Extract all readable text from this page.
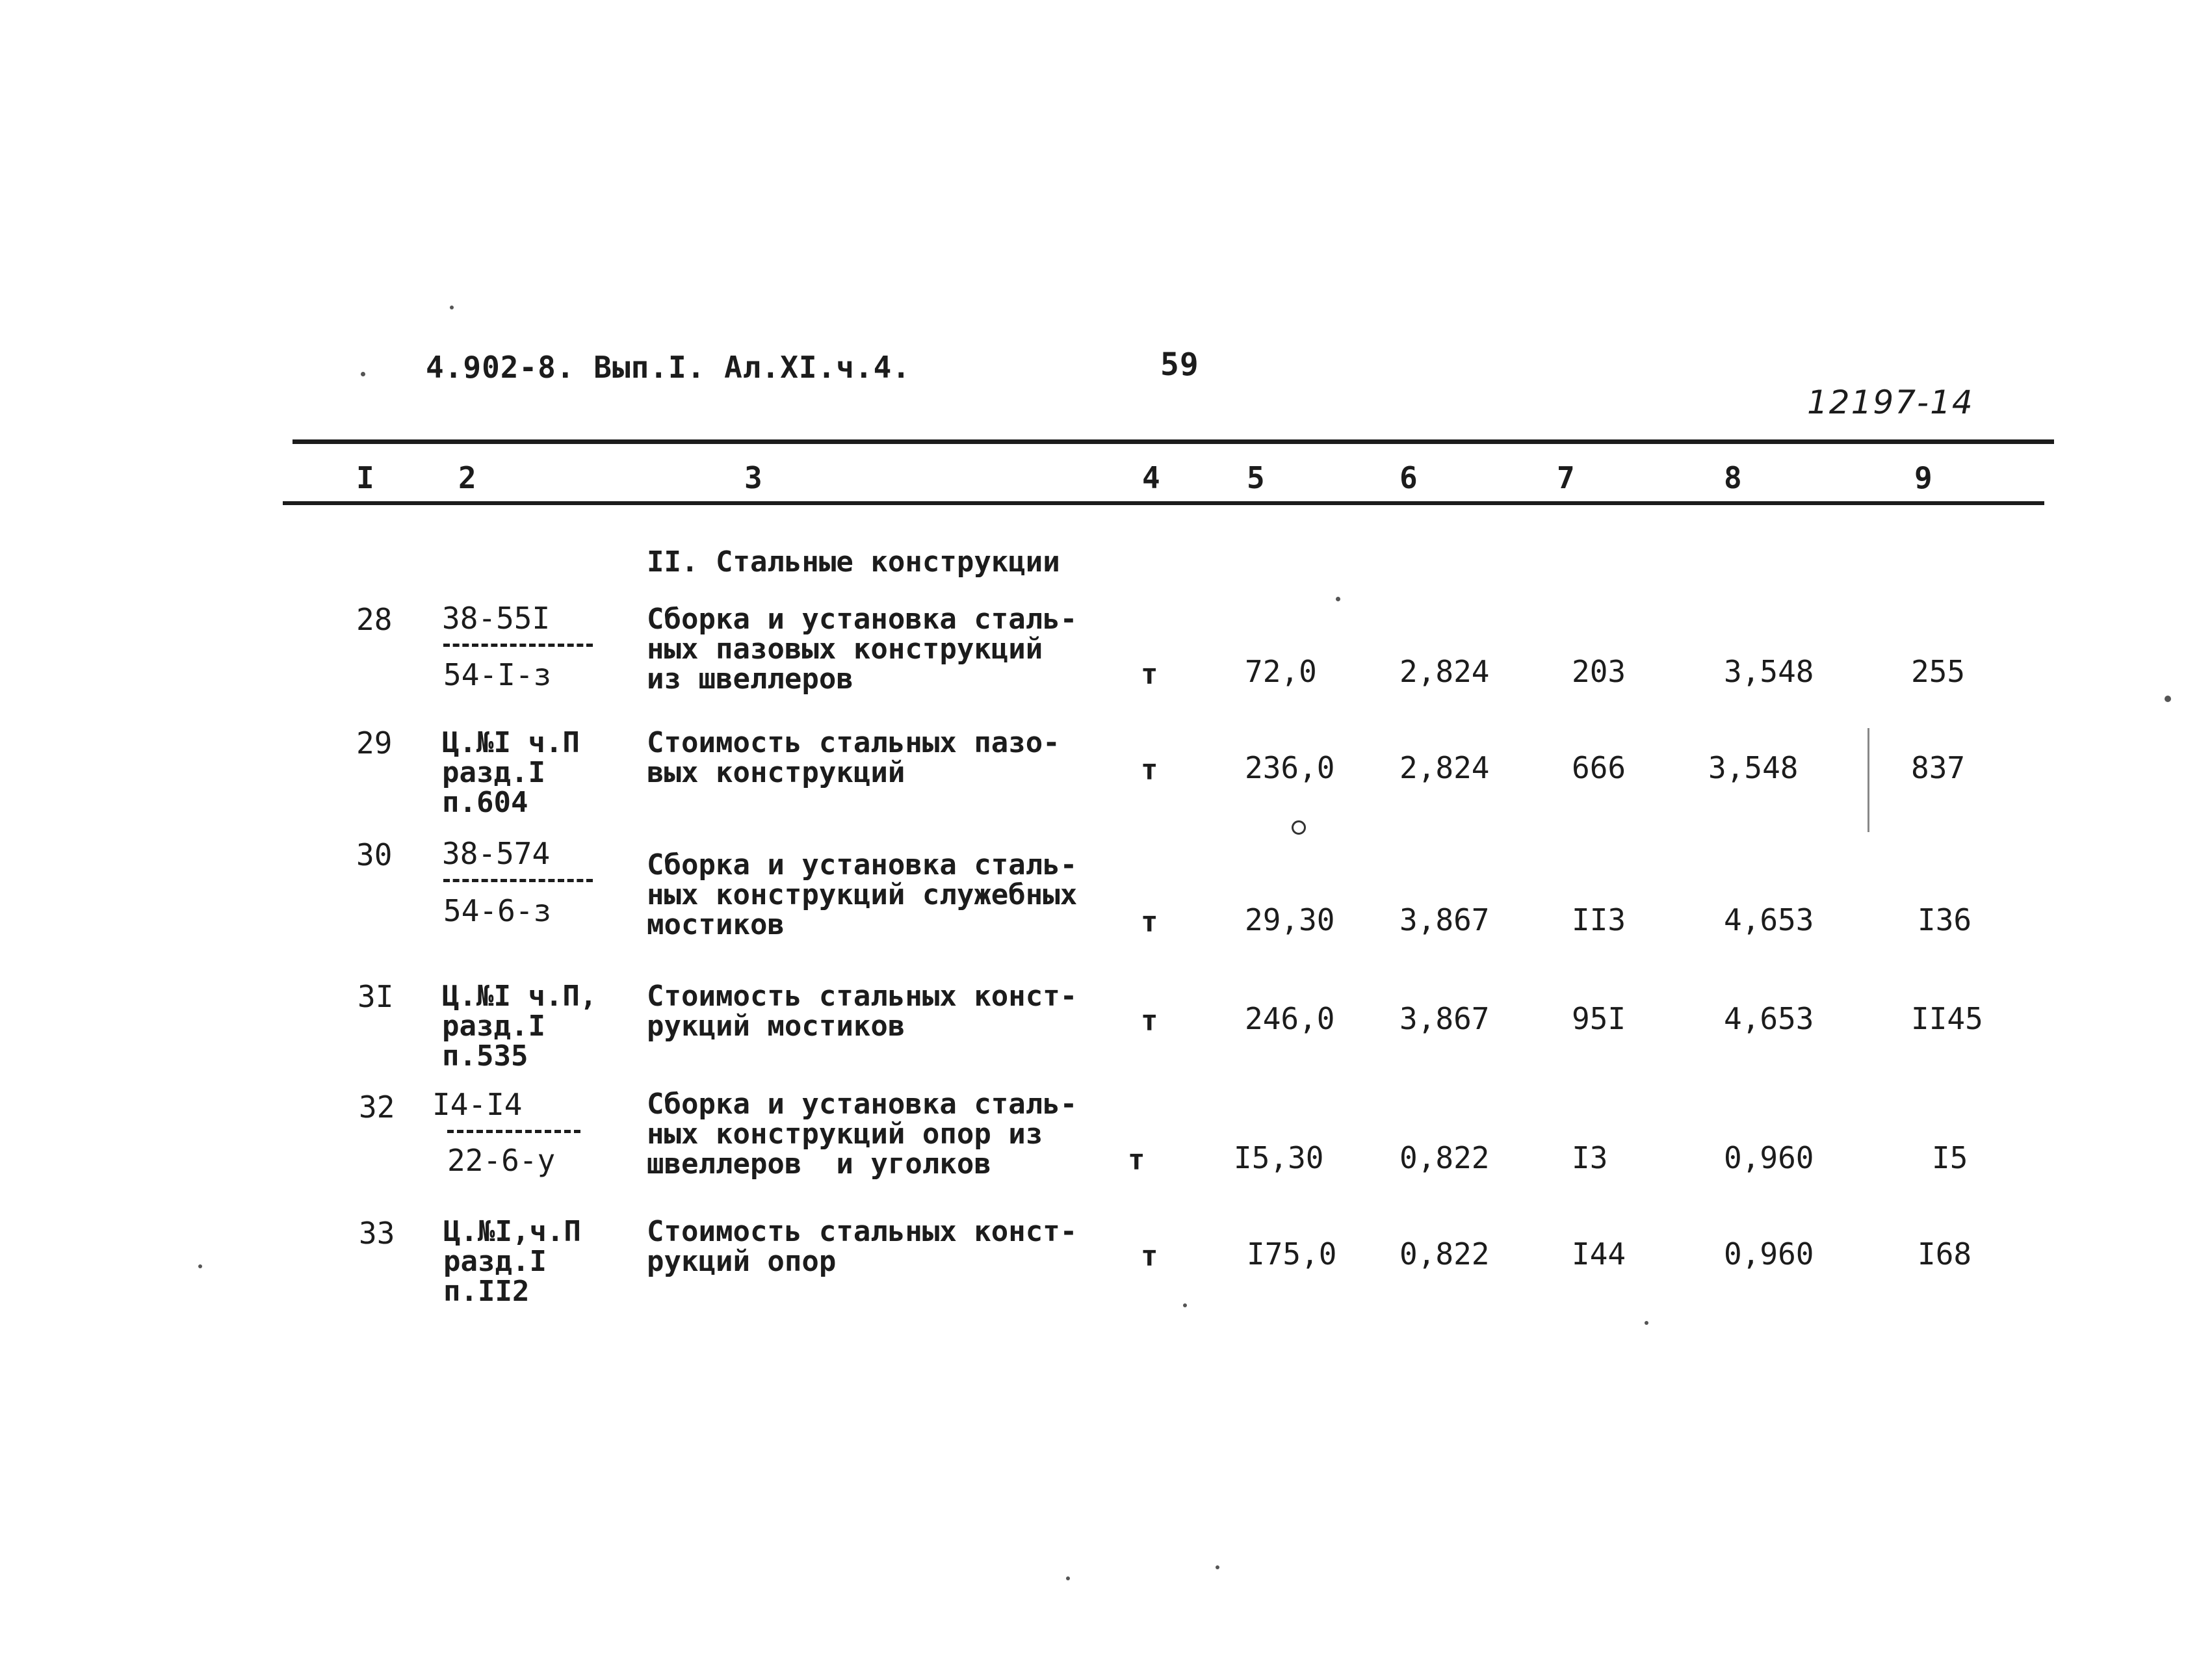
4.902-8. Вып.I. Ал.XI.ч.4.	59
12197-14
I	2	3	4	5	6	7	8	9
II. Стальные конструкции
28 38-55I
54-I-з
Сборка и установка сталь-
ных пазовых конструкций
из швеллеров	т	72,0	2,824	203	3,548	255
29 Ц.№I ч.П
разд.I
п.604
Стоимость стальных пазо-
вых конструкций	т	236,0 2,824	666	3,548	837
30 38-574
54-6-з
Сборка и установка сталь-
ных конструкций служебных
мостиков	т	29,30 3,867	II3	4,653	I36
3I Ц.№I ч.П,
разд.I
п.535
Стоимость стальных конст-
рукций мостиков	т	246,0 3,867	95I	4,653	II45
32 I4-I4
22-6-у
Сборка и установка сталь-
ных конструкций опор из
швеллеров  и уголков	т	I5,30	0,822	I3	0,960	I5
33 Ц.№I,ч.П
разд.I
п.II2
Стоимость стальных конст-
рукций опор	т	I75,0 0,822	I44	0,960	I68
